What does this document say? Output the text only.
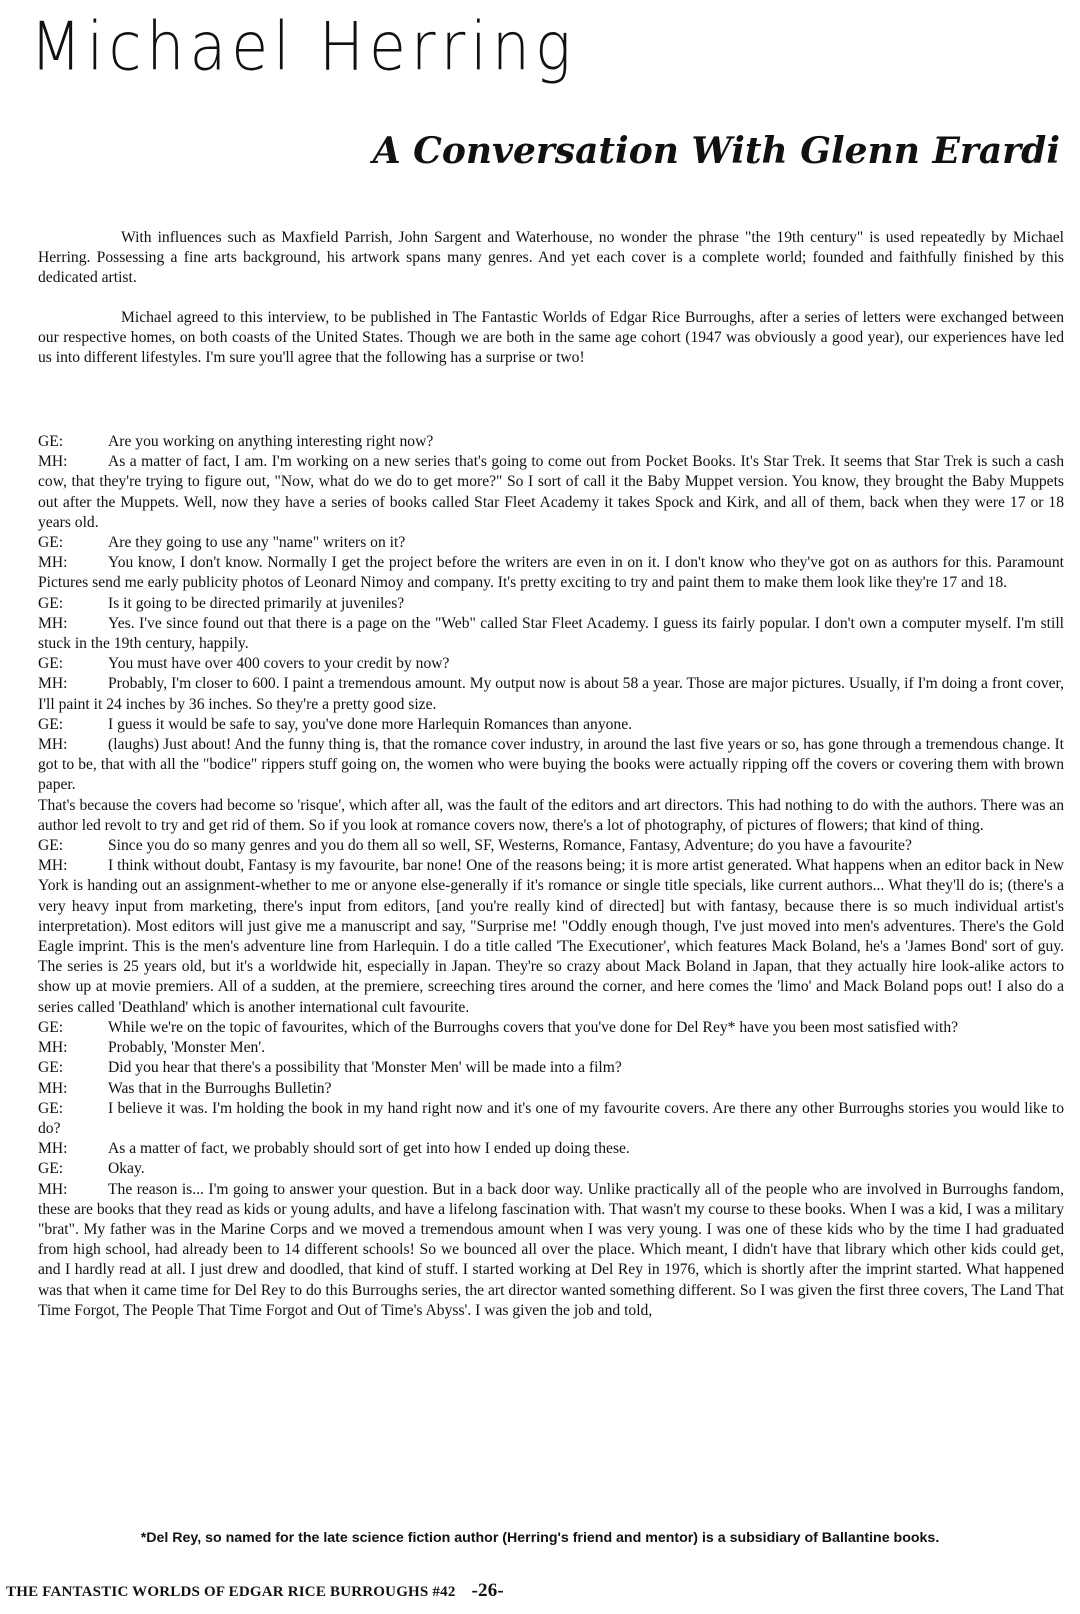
Michael Herring
A Conversation With Glenn Erardi

With influences such as Maxfield Parrish, John Sargent and Waterhouse, no wonder the phrase "the 19th century" is used repeatedly by Michael Herring. Possessing a fine arts background, his artwork spans many genres. And yet each cover is a complete world; founded and faithfully finished by this dedicated artist.

Michael agreed to this interview, to be published in The Fantastic Worlds of Edgar Rice Burroughs, after a series of letters were exchanged between our respective homes, on both coasts of the United States. Though we are both in the same age cohort (1947 was obviously a good year), our experiences have led us into different lifestyles. I'm sure you'll agree that the following has a surprise or two!

GE:	Are you working on anything interesting right now?

MH:	As a matter of fact, I am. I'm working on a new series that's going to come out from Pocket Books. It's Star Trek. It seems that Star Trek is such a cash cow, that they're trying to figure out, "Now, what do we do to get more?" So I sort of call it the Baby Muppet version. You know, they brought the Baby Muppets out after the Muppets. Well, now they have a series of books called Star Fleet Academy it takes Spock and Kirk, and all of them, back when they were 17 or 18 years old.

GE:	Are they going to use any "name" writers on it?

MH:	You know, I don't know. Normally I get the project before the writers are even in on it. I don't know who they've got on as authors for this. Paramount Pictures send me early publicity photos of Leonard Nimoy and company. It's pretty exciting to try and paint them to make them look like they're 17 and 18.

GE:	Is it going to be directed primarily at juveniles?

MH:	Yes. I've since found out that there is a page on the "Web" called Star Fleet Academy. I guess its fairly popular. I don't own a computer myself. I'm still stuck in the 19th century, happily.

GE:	You must have over 400 covers to your credit by now?

MH:	Probably, I'm closer to 600. I paint a tremendous amount. My output now is about 58 a year. Those are major pictures. Usually, if I'm doing a front cover, I'll paint it 24 inches by 36 inches. So they're a pretty good size.

GE:	I guess it would be safe to say, you've done more Harlequin Romances than anyone.

MH:	(laughs) Just about! And the funny thing is, that the romance cover industry, in around the last five years or so, has gone through a tremendous change. It got to be, that with all the "bodice" rippers stuff going on, the women who were buying the books were actually ripping off the covers or covering them with brown paper.

That's because the covers had become so 'risque', which after all, was the fault of the editors and art directors. This had nothing to do with the authors. There was an author led revolt to try and get rid of them. So if you look at romance covers now, there's a lot of photography, of pictures of flowers; that kind of thing.

GE:	Since you do so many genres and you do them all so well, SF, Westerns, Romance, Fantasy, Adventure; do you have a favourite?

MH:	I think without doubt, Fantasy is my favourite, bar none! One of the reasons being; it is more artist generated. What happens when an editor back in New York is handing out an assignment-whether to me or anyone else-generally if it's romance or single title specials, like current authors... What they'll do is; (there's a very heavy input from marketing, there's input from editors, [and you're really kind of directed] but with fantasy, because there is so much individual artist's interpretation). Most editors will just give me a manuscript and say, "Surprise me! "Oddly enough though, I've just moved into men's adventures. There's the Gold Eagle imprint. This is the men's adventure line from Harlequin. I do a title called 'The Executioner', which features Mack Boland, he's a 'James Bond' sort of guy. The series is 25 years old, but it's a worldwide hit, especially in Japan. They're so crazy about Mack Boland in Japan, that they actually hire look-alike actors to show up at movie premiers. All of a sudden, at the premiere, screeching tires around the corner, and here comes the 'limo' and Mack Boland pops out! I also do a series called 'Deathland' which is another international cult favourite.

GE:	While we're on the topic of favourites, which of the Burroughs covers that you've done for Del Rey* have you been most satisfied with?

MH:	Probably, 'Monster Men'.

GE:	Did you hear that there's a possibility that 'Monster Men' will be made into a film?

MH:	Was that in the Burroughs Bulletin?

GE:	I believe it was. I'm holding the book in my hand right now and it's one of my favourite covers. Are there any other Burroughs stories you would like to do?

MH:	As a matter of fact, we probably should sort of get into how I ended up doing these.

GE:	Okay.

MH:	The reason is... I'm going to answer your question. But in a back door way. Unlike practically all of the people who are involved in Burroughs fandom, these are books that they read as kids or young adults, and have a lifelong fascination with. That wasn't my course to these books. When I was a kid, I was a military "brat". My father was in the Marine Corps and we moved a tremendous amount when I was very young. I was one of these kids who by the time I had graduated from high school, had already been to 14 different schools! So we bounced all over the place. Which meant, I didn't have that library which other kids could get, and I hardly read at all. I just drew and doodled, that kind of stuff. I started working at Del Rey in 1976, which is shortly after the imprint started. What happened was that when it came time for Del Rey to do this Burroughs series, the art director wanted something different. So I was given the first three covers, The Land That Time Forgot, The People That Time Forgot and Out of Time's Abyss'. I was given the job and told,

*Del Rey, so named for the late science fiction author (Herring's friend and mentor) is a subsidiary of Ballantine books.
THE FANTASTIC WORLDS OF EDGAR RICE BURROUGHS #42 -26-
